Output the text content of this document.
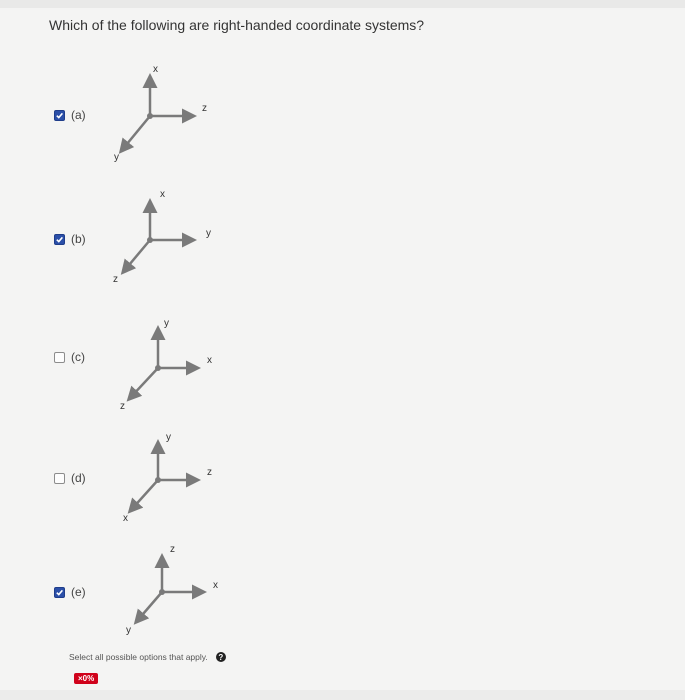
Which of the following are right-handed coordinate systems?
(a)
(b)
(c)
(d)
(e)
x
z
y
x
y
z
y
x
z
y
z
x
z
x
y
Select all possible options that apply.	?
×0%
